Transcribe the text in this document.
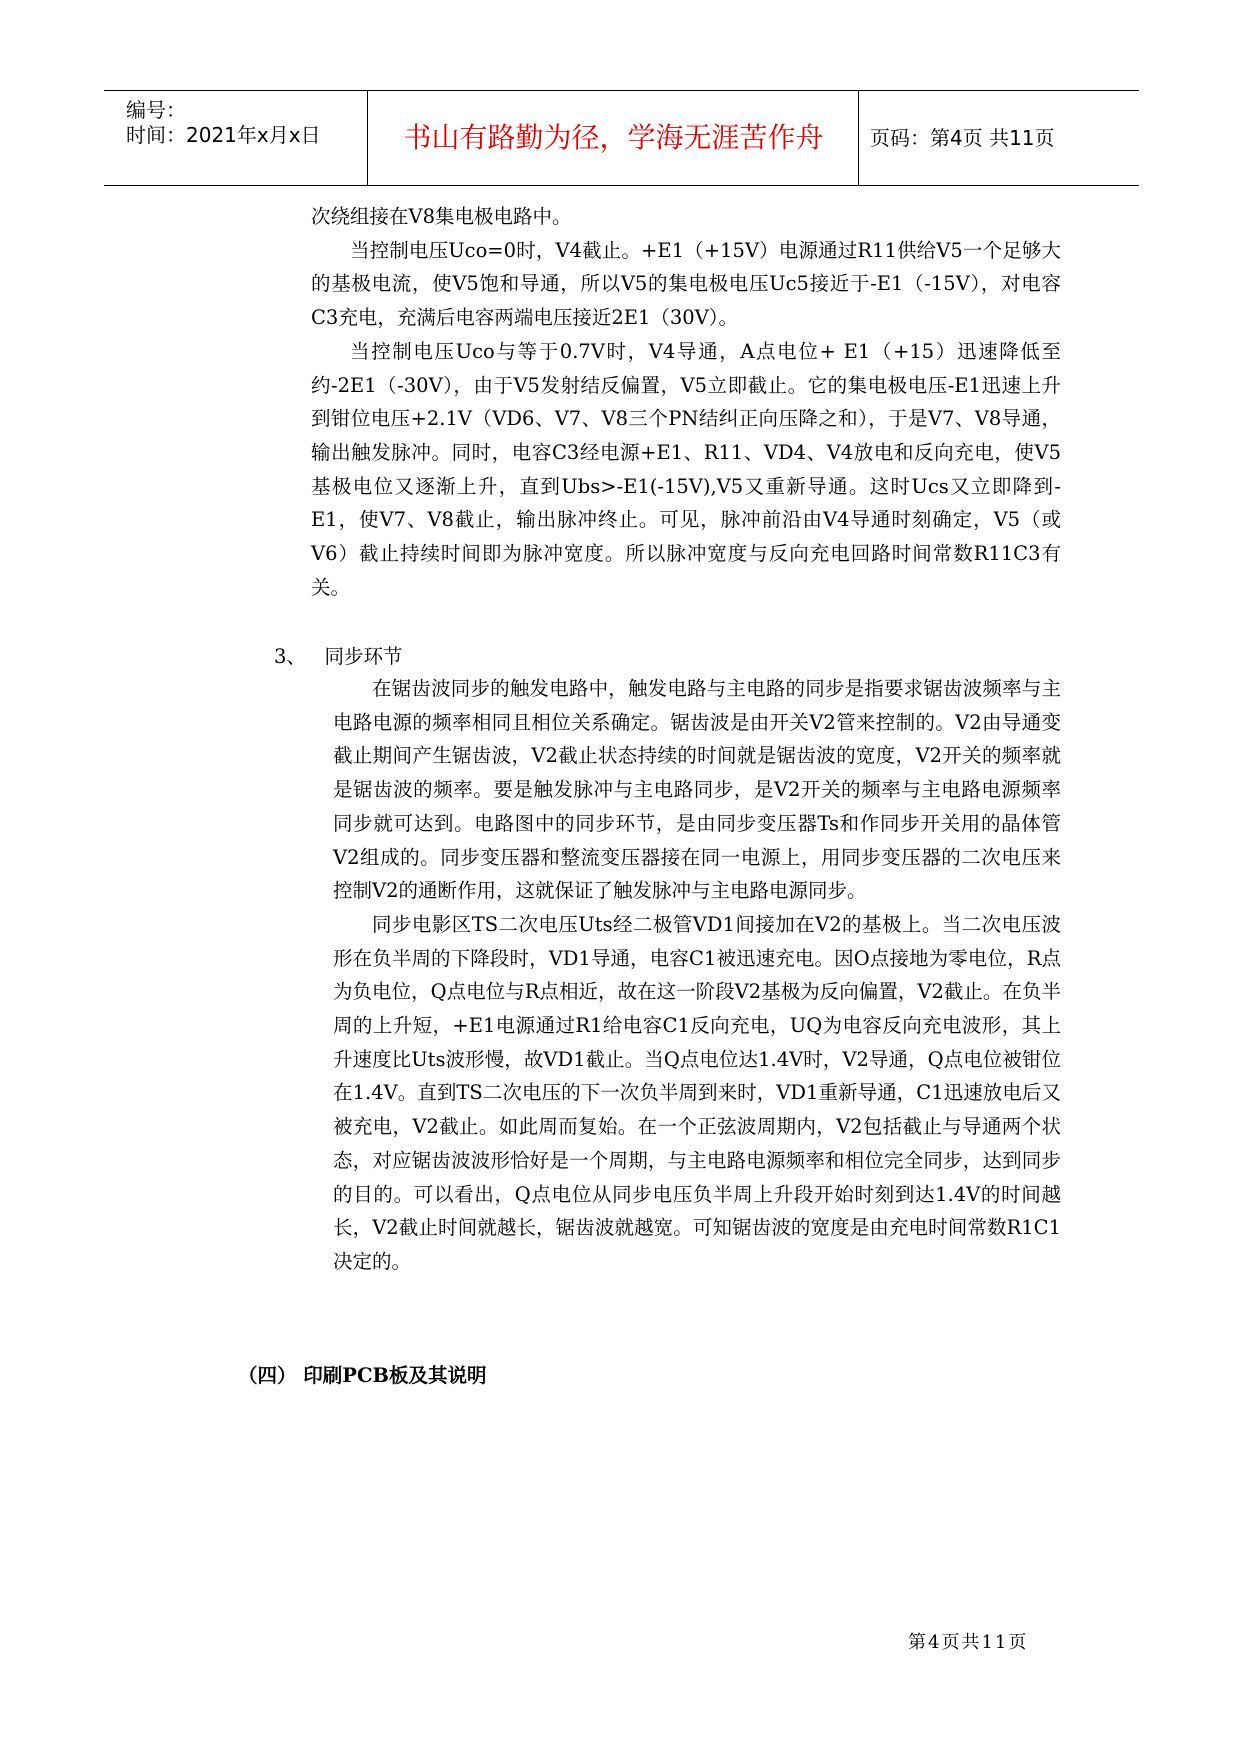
编号：
时间：2021年x月x日	书山有路勤为径，学海无涯苦作舟	页码：第4页 共11页

次绕组接在V8集电极电路中。

当控制电压Uco=0时，V4截止。+E1（+15V）电源通过R11供给V5一个足够大的基极电流，使V5饱和导通，所以V5的集电极电压Uc5接近于-E1（-15V），对电容C3充电，充满后电容两端电压接近2E1（30V）。

当控制电压Uco与等于0.7V时，V4导通，A点电位+ E1（+15）迅速降低至约-2E1（-30V），由于V5发射结反偏置，V5立即截止。它的集电极电压-E1迅速上升到钳位电压+2.1V（VD6、V7、V8三个PN结纠正向压降之和），于是V7、V8导通，输出触发脉冲。同时，电容C3经电源+E1、R11、VD4、V4放电和反向充电，使V5基极电位又逐渐上升，直到Ubs>-E1(-15V),V5又重新导通。这时Ucs又立即降到-E1，使V7、V8截止，输出脉冲终止。可见，脉冲前沿由V4导通时刻确定，V5（或V6）截止持续时间即为脉冲宽度。所以脉冲宽度与反向充电回路时间常数R11C3有关。

3、 同步环节

在锯齿波同步的触发电路中，触发电路与主电路的同步是指要求锯齿波频率与主电路电源的频率相同且相位关系确定。锯齿波是由开关V2管来控制的。V2由导通变截止期间产生锯齿波，V2截止状态持续的时间就是锯齿波的宽度，V2开关的频率就是锯齿波的频率。要是触发脉冲与主电路同步，是V2开关的频率与主电路电源频率同步就可达到。电路图中的同步环节，是由同步变压器Ts和作同步开关用的晶体管V2组成的。同步变压器和整流变压器接在同一电源上，用同步变压器的二次电压来控制V2的通断作用，这就保证了触发脉冲与主电路电源同步。

同步电影区TS二次电压Uts经二极管VD1间接加在V2的基极上。当二次电压波形在负半周的下降段时，VD1导通，电容C1被迅速充电。因O点接地为零电位，R点为负电位，Q点电位与R点相近，故在这一阶段V2基极为反向偏置，V2截止。在负半周的上升短，+E1电源通过R1给电容C1反向充电，UQ为电容反向充电波形，其上升速度比Uts波形慢，故VD1截止。当Q点电位达1.4V时，V2导通，Q点电位被钳位在1.4V。直到TS二次电压的下一次负半周到来时，VD1重新导通，C1迅速放电后又被充电，V2截止。如此周而复始。在一个正弦波周期内，V2包括截止与导通两个状态，对应锯齿波波形恰好是一个周期，与主电路电源频率和相位完全同步，达到同步的目的。可以看出，Q点电位从同步电压负半周上升段开始时刻到达1.4V的时间越长，V2截止时间就越长，锯齿波就越宽。可知锯齿波的宽度是由充电时间常数R1C1决定的。

（四） 印刷PCB板及其说明
第4页共11页
